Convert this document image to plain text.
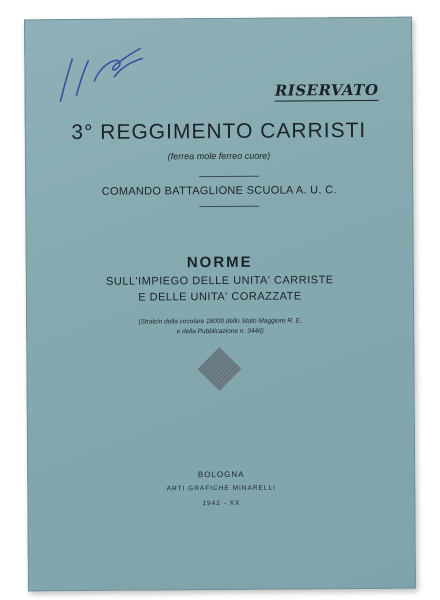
RISERVATO
3° REGGIMENTO CARRISTI
(ferrea mole ferreo cuore)
COMANDO BATTAGLIONE SCUOLA A. U. C.
NORME
SULL'IMPIEGO DELLE UNITA' CARRISTE
E DELLE UNITA' CORAZZATE
(Stralcio della circolare 18000 dello Stato Maggiore R. E.
e della Pubblicazione n. 3446)
BOLOGNA
ARTI GRAFICHE MINARELLI
1942 - XX
